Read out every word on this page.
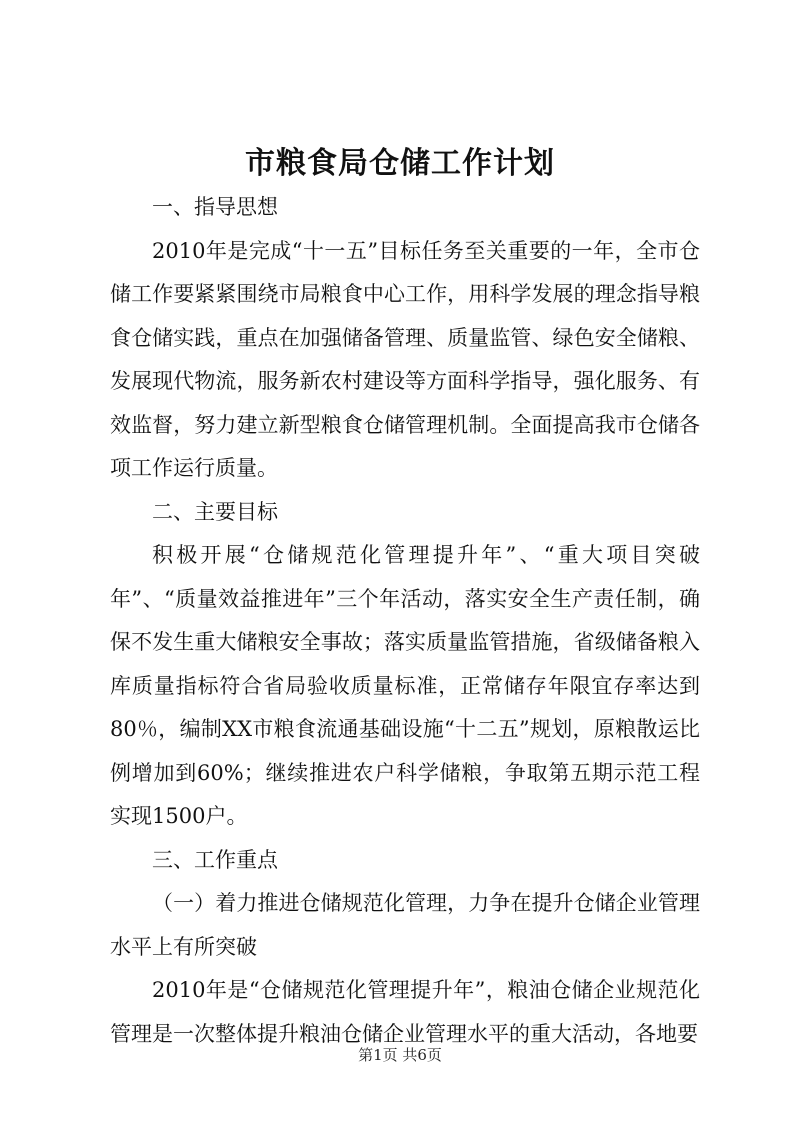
市粮食局仓储工作计划

一、指导思想

2010年是完成“十一五”目标任务至关重要的一年，全市仓储工作要紧紧围绕市局粮食中心工作，用科学发展的理念指导粮食仓储实践，重点在加强储备管理、质量监管、绿色安全储粮、发展现代物流，服务新农村建设等方面科学指导，强化服务、有效监督，努力建立新型粮食仓储管理机制。全面提高我市仓储各项工作运行质量。

二、主要目标

积极开展“仓储规范化管理提升年”、“重大项目突破年”、“质量效益推进年”三个年活动，落实安全生产责任制，确保不发生重大储粮安全事故；落实质量监管措施，省级储备粮入库质量指标符合省局验收质量标准，正常储存年限宜存率达到80％，编制XX市粮食流通基础设施“十二五”规划，原粮散运比例增加到60%；继续推进农户科学储粮，争取第五期示范工程实现1500户。

三、工作重点

（一）着力推进仓储规范化管理，力争在提升仓储企业管理水平上有所突破

2010年是“仓储规范化管理提升年”，粮油仓储企业规范化管理是一次整体提升粮油仓储企业管理水平的重大活动，各地要

第1页 共6页
